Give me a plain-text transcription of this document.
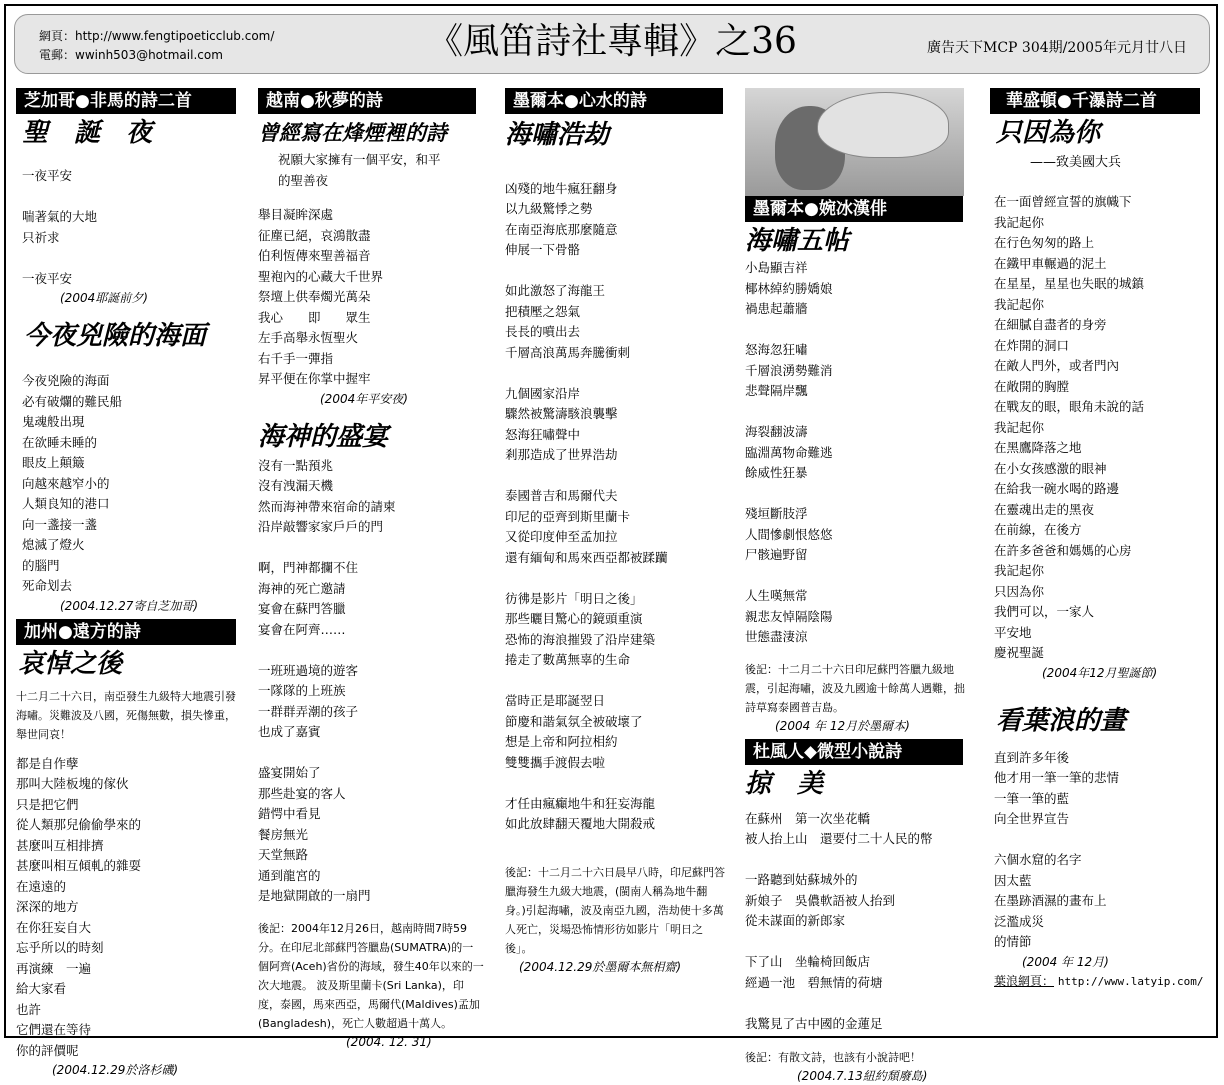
網頁：http://www.fengtipoeticclub.com/
電郵：wwinh503@hotmail.com	《風笛詩社專輯》之36	廣告天下MCP 304期/2005年元月廿八日
芝加哥●非馬的詩二首
聖　誕　夜
一夜平安
喘著氣的大地
只祈求
一夜平安
(2004耶誕前夕)
今夜兇險的海面
今夜兇險的海面
必有破爛的難民船
鬼魂般出現
在欲睡未睡的
眼皮上顛簸
向越來越窄小的
人類良知的港口
向一盞接一盞
熄滅了燈火
的腦門
死命划去
(2004.12.27寄自芝加哥)
加州●遠方的詩
哀悼之後
十二月二十六日，南亞發生九級特大地震引發海嘯。災難波及八國，死傷無數，損失慘重，舉世同哀！
都是自作孽
那叫大陸板塊的傢伙
只是把它們
從人類那兒偷偷學來的
甚麼叫互相排擠
甚麼叫相互傾軋的雜耍
在遠遠的
深深的地方
在你狂妄自大
忘乎所以的時刻
再演練　一遍
給大家看
也許
它們還在等待
你的評價呢
(2004.12.29於洛杉磯)
越南●秋夢的詩
曾經寫在烽煙裡的詩
祝願大家擁有一個平安，和平
的聖善夜
舉目凝眸深處
征塵已絕，哀鴻散盡
伯利恆傳來聖善福音
聖袍內的心藏大千世界
祭壇上供奉燭光萬朵
我心　　即　　眾生
左手高舉永恆聖火
右千手一彈指
昇平便在你掌中握牢
(2004年平安夜)
海神的盛宴
沒有一點預兆
沒有洩漏天機
然而海神帶來宿命的請柬
沿岸敲響家家戶戶的門
啊，門神都攔不住
海神的死亡邀請
宴會在蘇門答臘
宴會在阿齊……
一班班過境的遊客
一隊隊的上班族
一群群弄潮的孩子
也成了嘉賓
盛宴開始了
那些赴宴的客人
錯愕中看見
餐房無光
天堂無路
通到龍宮的
是地獄開啟的一扇門
後記：2004年12月26日，越南時間7時59分。在印尼北部蘇門答臘島(SUMATRA)的一個阿齊(Aceh)省份的海域，發生40年以來的一次大地震。 波及斯里蘭卡(Sri Lanka)，印度，泰國，馬來西亞，馬爾代(Maldives)孟加(Bangladesh)，死亡人數超過十萬人。
(2004. 12. 31)
墨爾本●心水的詩
海嘯浩劫
凶殘的地牛瘋狂翻身
以九級驚悸之勢
在南亞海底那麼隨意
伸展一下骨骼
如此激怒了海龍王
把積壓之怨氣
長長的噴出去
千層高浪萬馬奔騰衝刺
九個國家沿岸
驟然被驚濤駭浪襲擊
怒海狂嘯聲中
剎那造成了世界浩劫
泰國普吉和馬爾代夫
印尼的亞齊到斯里蘭卡
又從印度伸至孟加拉
還有緬甸和馬來西亞都被蹂躪
彷彿是影片「明日之後」
那些曬目驚心的鏡頭重演
恐怖的海浪摧毀了沿岸建築
捲走了數萬無辜的生命
當時正是耶誕翌日
節慶和諧氣氛全被破壞了
想是上帝和阿拉相約
雙雙攜手渡假去啦
才任由瘋癲地牛和狂妄海龍
如此放肆翻天覆地大開殺戒
後記：十二月二十六日晨早八時，印尼蘇門答臘海發生九級大地震，(閩南人稱為地牛翻身。)引起海嘯，波及南亞九國，浩劫使十多萬人死亡，災場恐怖情形彷如影片「明日之後」。
(2004.12.29於墨爾本無相齋)
墨爾本●婉冰漢俳
海嘯五帖
小島顯吉祥
椰林綽約勝嬌娘
禍患起蕭牆
怒海忽狂嘯
千層浪湧勢難消
悲聲隔岸飄
海裂翻波濤
臨淵萬物命難逃
餘威性狂暴
殘垣斷肢浮
人間慘劇恨悠悠
尸骸遍野留
人生嘆無常
親悲友悼隔陰陽
世態盡淒涼
後記：十二月二十六日印尼蘇門答臘九級地震，引起海嘯，波及九國逾十餘萬人遇難，拙詩草寫泰國普吉島。
(2004 年 12月於墨爾本)
杜風人◆微型小說詩
掠　美
在蘇州　第一次坐花轎
被人抬上山　還要付二十人民的幣
一路聽到姑蘇城外的
新娘子　吳儂軟語被人抬到
從未謀面的新郎家
下了山　坐輪椅回飯店
經過一池　碧無情的荷塘
我驚見了古中國的金蓮足
後記：有散文詩，也該有小說詩吧！
(2004.7.13紐約頹廢島)
華盛頓●千瀑詩二首
只因為你
——致美國大兵
在一面曾經宣誓的旗幟下
我記起你
在行色匆匆的路上
在鐵甲車輾過的泥土
在星星，星星也失眠的城鎮
我記起你
在細膩自盡者的身旁
在炸開的洞口
在敵人門外，或者門內
在敞開的胸膛
在戰友的眼，眼角未說的話
我記起你
在黑鷹降落之地
在小女孩感激的眼神
在給我一碗水喝的路邊
在靈魂出走的黑夜
在前線，在後方
在許多爸爸和媽媽的心房
我記起你
只因為你
我們可以，一家人
平安地
慶祝聖誕
(2004年12月聖誕節)
看葉浪的畫
直到許多年後
他才用一筆一筆的悲情
一筆一筆的藍
向全世界宣告
六個水窟的名字
因太藍
在墨跡酒濕的畫布上
泛濫成災
的情節
(2004 年 12月)
葉浪網頁： http://www.latyip.com/
